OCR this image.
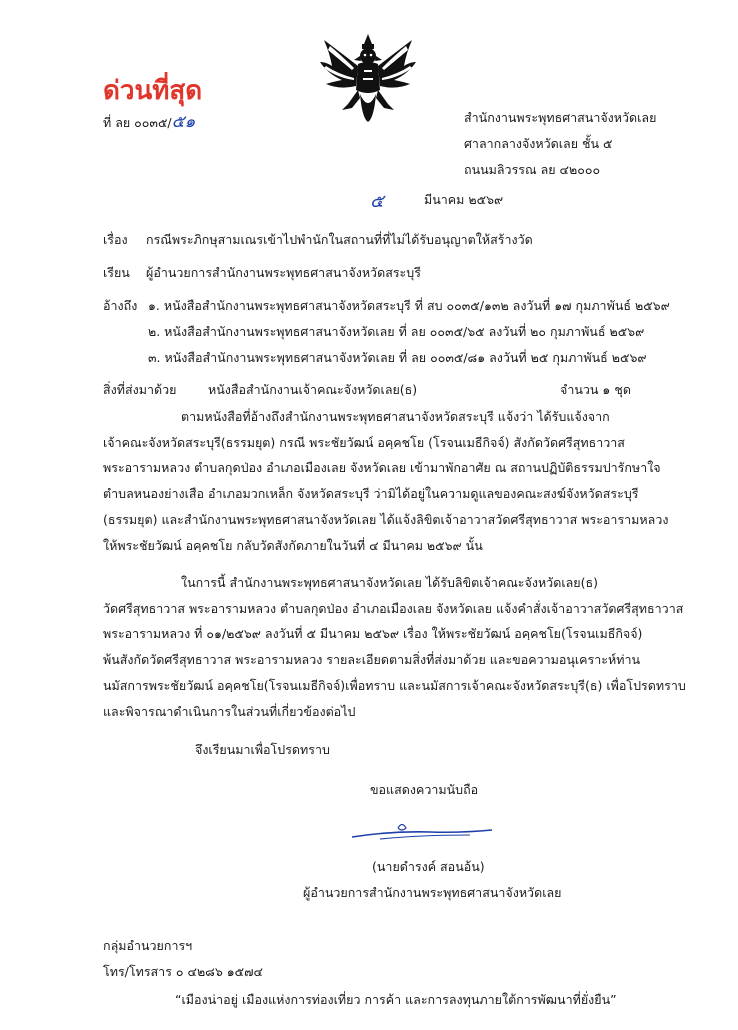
ด่วนที่สุด
ที่ ลย ๐๐๓๕/๕๑	สำนักงานพระพุทธศาสนาจังหวัดเลย
ศาลากลางจังหวัดเลย ชั้น ๕
ถนนมลิวรรณ ลย ๔๒๐๐๐
๕	มีนาคม ๒๕๖๙
เรื่อง กรณีพระภิกษุสามเณรเข้าไปพำนักในสถานที่ที่ไม่ได้รับอนุญาตให้สร้างวัด
เรียน ผู้อำนวยการสำนักงานพระพุทธศาสนาจังหวัดสระบุรี
อ้างถึง ๑. หนังสือสำนักงานพระพุทธศาสนาจังหวัดสระบุรี ที่ สบ ๐๐๓๕/๑๓๒ ลงวันที่ ๑๗ กุมภาพันธ์ ๒๕๖๙
๒. หนังสือสำนักงานพระพุทธศาสนาจังหวัดเลย ที่ ลย ๐๐๓๕/๖๕ ลงวันที่ ๒๐ กุมภาพันธ์ ๒๕๖๙
๓. หนังสือสำนักงานพระพุทธศาสนาจังหวัดเลย ที่ ลย ๐๐๓๕/๘๑ ลงวันที่ ๒๕ กุมภาพันธ์ ๒๕๖๙
สิ่งที่ส่งมาด้วย	หนังสือสำนักงานเจ้าคณะจังหวัดเลย(ธ)	จำนวน ๑ ชุด
ตามหนังสือที่อ้างถึงสำนักงานพระพุทธศาสนาจังหวัดสระบุรี แจ้งว่า ได้รับแจ้งจาก
เจ้าคณะจังหวัดสระบุรี(ธรรมยุต) กรณี พระชัยวัฒน์ อคฺคชโย (โรจนเมธีกิจจ์) สังกัดวัดศรีสุทธาวาส
พระอารามหลวง ตำบลกุดป่อง อำเภอเมืองเลย จังหวัดเลย เข้ามาพักอาศัย ณ สถานปฏิบัติธรรมปารักษาใจ
ตำบลหนองย่างเสือ อำเภอมวกเหล็ก จังหวัดสระบุรี ว่ามิได้อยู่ในความดูแลของคณะสงฆ์จังหวัดสระบุรี
(ธรรมยุต) และสำนักงานพระพุทธศาสนาจังหวัดเลย ได้แจ้งลิขิตเจ้าอาวาสวัดศรีสุทธาวาส พระอารามหลวง
ให้พระชัยวัฒน์ อคฺคชโย กลับวัดสังกัดภายในวันที่ ๔ มีนาคม ๒๕๖๙ นั้น
ในการนี้ สำนักงานพระพุทธศาสนาจังหวัดเลย ได้รับลิขิตเจ้าคณะจังหวัดเลย(ธ)
วัดศรีสุทธาวาส พระอารามหลวง ตำบลกุดป่อง อำเภอเมืองเลย จังหวัดเลย แจ้งคำสั่งเจ้าอาวาสวัดศรีสุทธาวาส
พระอารามหลวง ที่ ๐๑/๒๕๖๙ ลงวันที่ ๕ มีนาคม ๒๕๖๙ เรื่อง ให้พระชัยวัฒน์ อคฺคชโย(โรจนเมธีกิจจ์)
พ้นสังกัดวัดศรีสุทธาวาส พระอารามหลวง รายละเอียดตามสิ่งที่ส่งมาด้วย และขอความอนุเคราะห์ท่าน
นมัสการพระชัยวัฒน์ อคฺคชโย(โรจนเมธีกิจจ์)เพื่อทราบ และนมัสการเจ้าคณะจังหวัดสระบุรี(ธ) เพื่อโปรดทราบ
และพิจารณาดำเนินการในส่วนที่เกี่ยวข้องต่อไป
จึงเรียนมาเพื่อโปรดทราบ
ขอแสดงความนับถือ
(นายดำรงค์ สอนอ้น)
ผู้อำนวยการสำนักงานพระพุทธศาสนาจังหวัดเลย
กลุ่มอำนวยการฯ
โทร/โทรสาร ๐ ๔๒๘๖ ๑๕๗๔
“เมืองน่าอยู่ เมืองแห่งการท่องเที่ยว การค้า และการลงทุนภายใต้การพัฒนาที่ยั่งยืน”
